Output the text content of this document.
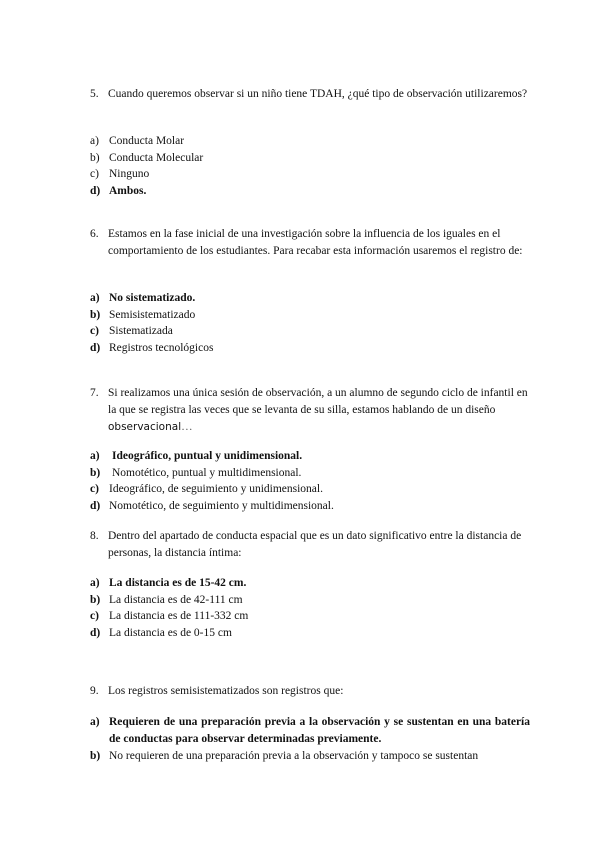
5. Cuando queremos observar si un niño tiene TDAH, ¿qué tipo de observación utilizaremos?
a) Conducta Molar
b) Conducta Molecular
c) Ninguno
d) Ambos.
6. Estamos en la fase inicial de una investigación sobre la influencia de los iguales en el comportamiento de los estudiantes. Para recabar esta información usaremos el registro de:
a) No sistematizado.
b) Semisistematizado
c) Sistematizada
d) Registros tecnológicos
7. Si realizamos una única sesión de observación, a un alumno de segundo ciclo de infantil en la que se registra las veces que se levanta de su silla, estamos hablando de un diseño observacional…
a) Ideográfico, puntual y unidimensional.
b) Nomotético, puntual y multidimensional.
c) Ideográfico, de seguimiento y unidimensional.
d) Nomotético, de seguimiento y multidimensional.
8. Dentro del apartado de conducta espacial que es un dato significativo entre la distancia de personas, la distancia íntima:
a) La distancia es de 15-42 cm.
b) La distancia es de 42-111 cm
c) La distancia es de 111-332 cm
d) La distancia es de 0-15 cm
9. Los registros semisistematizados son registros que:
a) Requieren de una preparación previa a la observación y se sustentan en una batería de conductas para observar determinadas previamente.
b) No requieren de una preparación previa a la observación y tampoco se sustentan
